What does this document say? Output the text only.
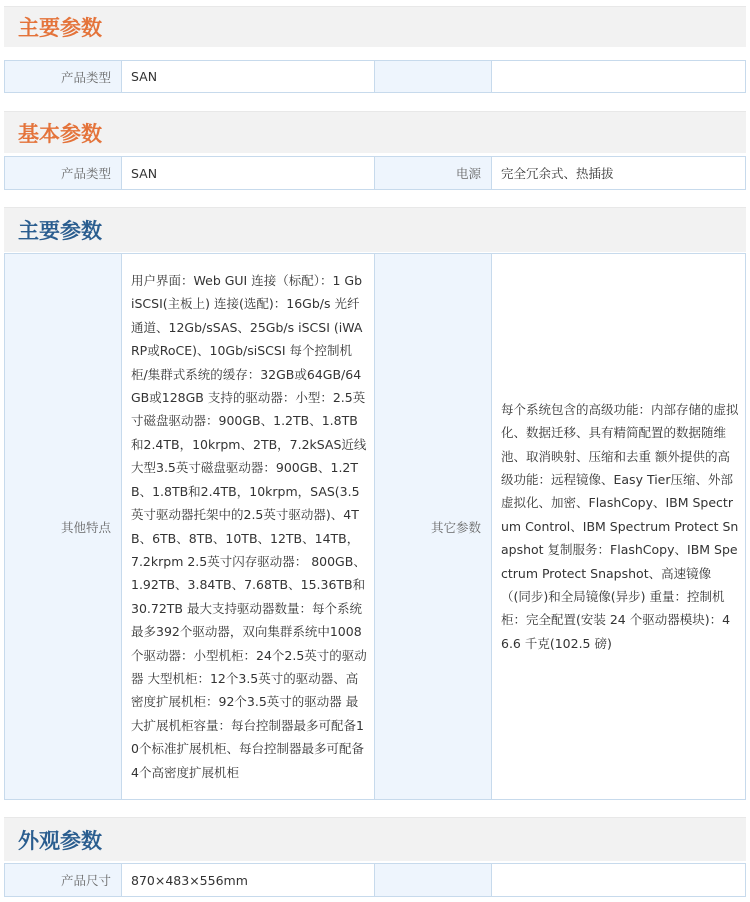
主要参数
产品类型	SAN		
基本参数
产品类型	SAN	电源	完全冗余式、热插拔
主要参数
其他特点	用户界面：Web GUI 连接（标配）：1 Gb iSCSI(主板上) 连接(选配)：16Gb/s 光纤通道、12Gb/sSAS、25Gb/s iSCSI (iWARP或RoCE)、10Gb/siSCSI 每个控制机柜/集群式系统的缓存：32GB或64GB/64GB或128GB 支持的驱动器：小型：2.5英寸磁盘驱动器：900GB、1.2TB、1.8TB和2.4TB，10krpm、2TB，7.2kSAS近线 大型3.5英寸磁盘驱动器：900GB、1.2TB、1.8TB和2.4TB，10krpm，SAS(3.5英寸驱动器托架中的2.5英寸驱动器)、4TB、6TB、8TB、10TB、12TB、14TB，7.2krpm 2.5英寸闪存驱动器： 800GB、1.92TB、3.84TB、7.68TB、15.36TB和30.72TB 最大支持驱动器数量：每个系统最多392个驱动器，双向集群系统中1008个驱动器：小型机柜：24个2.5英寸的驱动器 大型机柜：12个3.5英寸的驱动器、高密度扩展机柜：92个3.5英寸的驱动器 最大扩展机柜容量：每台控制器最多可配备10个标准扩展机柜、每台控制器最多可配备4个高密度扩展机柜	其它参数	每个系统包含的高级功能：内部存储的虚拟化、数据迁移、具有精简配置的数据随维池、取消映射、压缩和去重 额外提供的高级功能：远程镜像、Easy Tier压缩、外部虚拟化、加密、FlashCopy、IBM Spectrum Control、IBM Spectrum Protect Snapshot 复制服务：FlashCopy、IBM Spectrum Protect Snapshot、高速镜像（(同步)和全局镜像(异步) 重量：控制机柜：完全配置(安装 24 个驱动器模块)：46.6 千克(102.5 磅)
外观参数
产品尺寸	870×483×556mm		
